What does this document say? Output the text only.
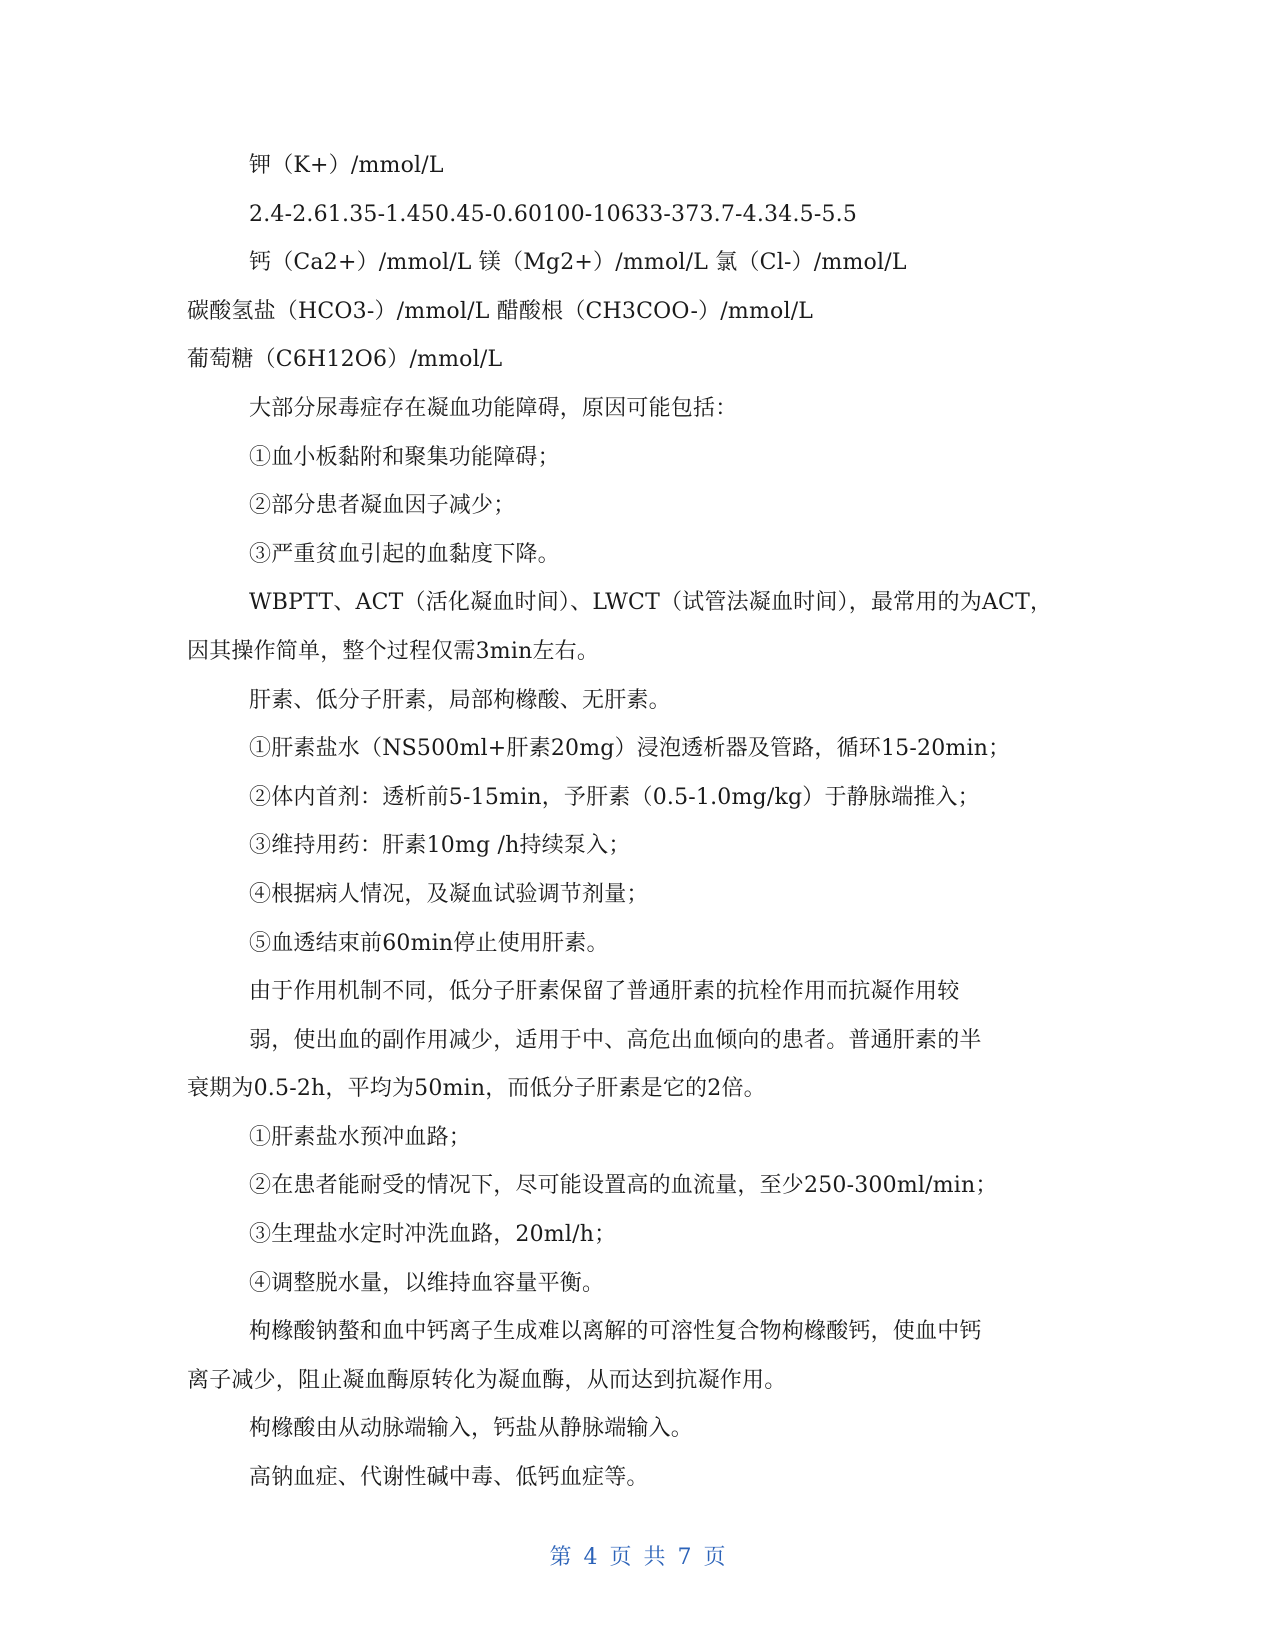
钾（K+）/mmol/L
2.4-2.61.35-1.450.45-0.60100-10633-373.7-4.34.5-5.5
钙（Ca2+）/mmol/L 镁（Mg2+）/mmol/L 氯（Cl-）/mmol/L
碳酸氢盐（HCO3-）/mmol/L 醋酸根（CH3COO-）/mmol/L
葡萄糖（C6H12O6）/mmol/L
大部分尿毒症存在凝血功能障碍，原因可能包括：
①血小板黏附和聚集功能障碍；
②部分患者凝血因子减少；
③严重贫血引起的血黏度下降。
WBPTT、ACT（活化凝血时间）、LWCT（试管法凝血时间），最常用的为ACT，
因其操作简单，整个过程仅需3min左右。
肝素、低分子肝素，局部枸橼酸、无肝素。
①肝素盐水（NS500ml+肝素20mg）浸泡透析器及管路，循环15-20min；
②体内首剂：透析前5-15min，予肝素（0.5-1.0mg/kg）于静脉端推入；
③维持用药：肝素10mg /h持续泵入；
④根据病人情况，及凝血试验调节剂量；
⑤血透结束前60min停止使用肝素。
由于作用机制不同，低分子肝素保留了普通肝素的抗栓作用而抗凝作用较
弱，使出血的副作用减少，适用于中、高危出血倾向的患者。普通肝素的半
衰期为0.5-2h，平均为50min，而低分子肝素是它的2倍。
①肝素盐水预冲血路；
②在患者能耐受的情况下，尽可能设置高的血流量，至少250-300ml/min；
③生理盐水定时冲洗血路，20ml/h；
④调整脱水量，以维持血容量平衡。
枸橼酸钠螯和血中钙离子生成难以离解的可溶性复合物枸橼酸钙，使血中钙
离子减少，阻止凝血酶原转化为凝血酶，从而达到抗凝作用。
枸橼酸由从动脉端输入，钙盐从静脉端输入。
高钠血症、代谢性碱中毒、低钙血症等。
第 4 页 共 7 页
